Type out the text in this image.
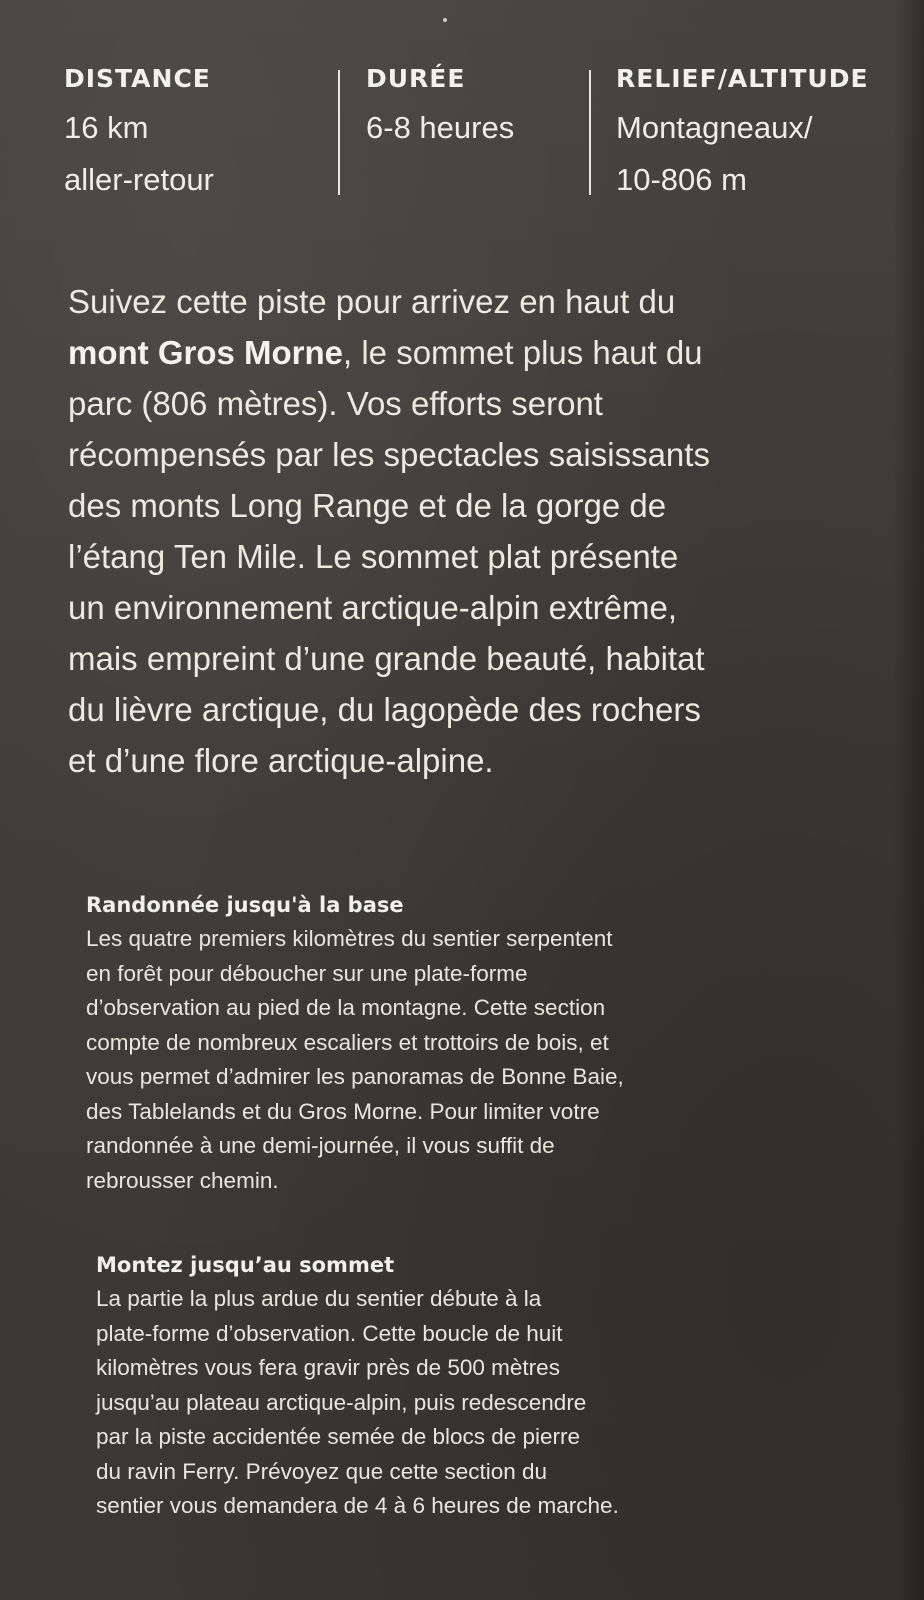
DISTANCE
16 km
aller-retour
DURÉE
6-8 heures
RELIEF/ALTITUDE
Montagneaux/
10-806 m
Suivez cette piste pour arrivez en haut du
mont Gros Morne, le sommet plus haut du
parc (806 mètres). Vos efforts seront
récompensés par les spectacles saisissants
des monts Long Range et de la gorge de
l’étang Ten Mile. Le sommet plat présente
un environnement arctique-alpin extrême,
mais empreint d’une grande beauté, habitat
du lièvre arctique, du lagopède des rochers
et d’une flore arctique-alpine.
Randonnée jusqu'à la base
Les quatre premiers kilomètres du sentier serpentent
en forêt pour déboucher sur une plate-forme
d’observation au pied de la montagne. Cette section
compte de nombreux escaliers et trottoirs de bois, et
vous permet d’admirer les panoramas de Bonne Baie,
des Tablelands et du Gros Morne. Pour limiter votre
randonnée à une demi-journée, il vous suffit de
rebrousser chemin.
Montez jusqu’au sommet
La partie la plus ardue du sentier débute à la
plate-forme d’observation. Cette boucle de huit
kilomètres vous fera gravir près de 500 mètres
jusqu’au plateau arctique-alpin, puis redescendre
par la piste accidentée semée de blocs de pierre
du ravin Ferry. Prévoyez que cette section du
sentier vous demandera de 4 à 6 heures de marche.
